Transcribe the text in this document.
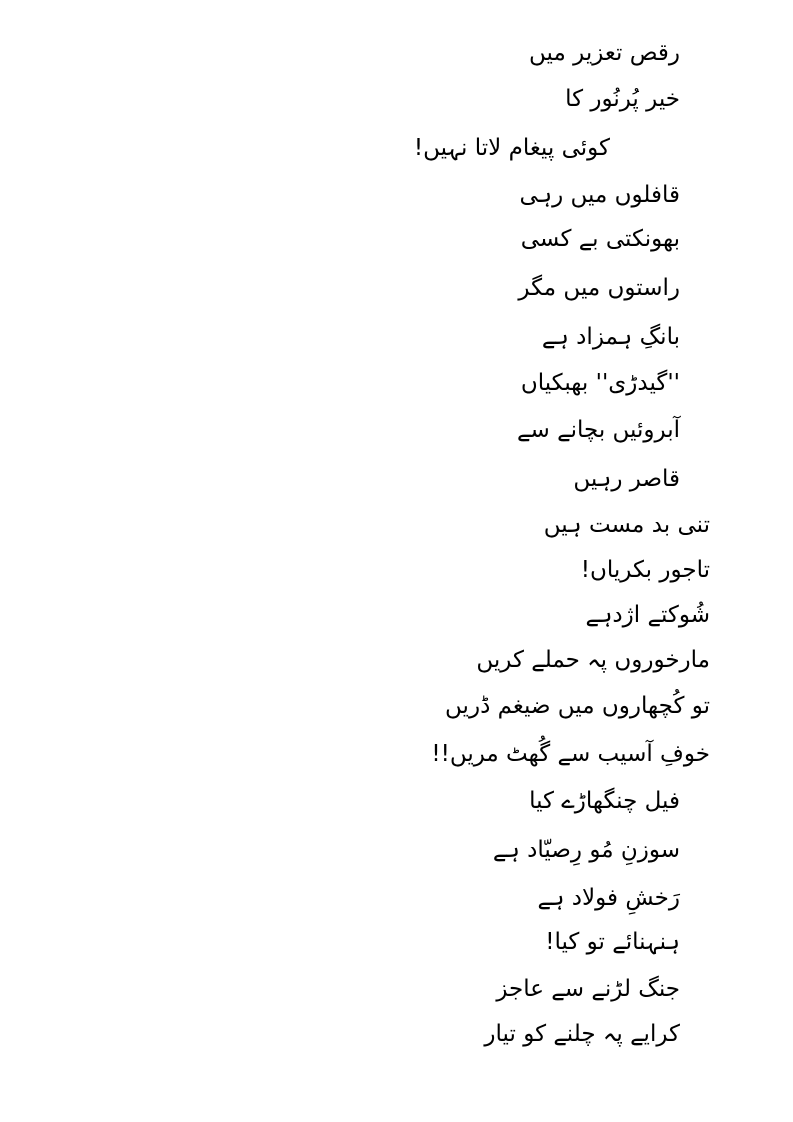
رقص تعزیر میں
خیر پُرنُور کا
کوئی پیغام لاتا نہیں!
قافلوں میں رہی
بھونکتی بے کسی
راستوں میں مگر
بانگِ ہمزاد ہے
''گیدڑی'' بھبکیاں
آبروئیں بچانے سے
قاصر رہیں
تنی بد مست ہیں
تاجور بکریاں!
شُوکتے اژدہے
مارخوروں پہ حملے کریں
تو کُچھاروں میں ضیغم ڈریں
خوفِ آسیب سے گُھٹ مریں!!
فیل چنگھاڑے کیا
سوزنِ مُو رِصیّاد ہے
رَخشِ فولاد ہے
ہنہنائے تو کیا!
جنگ لڑنے سے عاجز
کرایے پہ چلنے کو تیار
